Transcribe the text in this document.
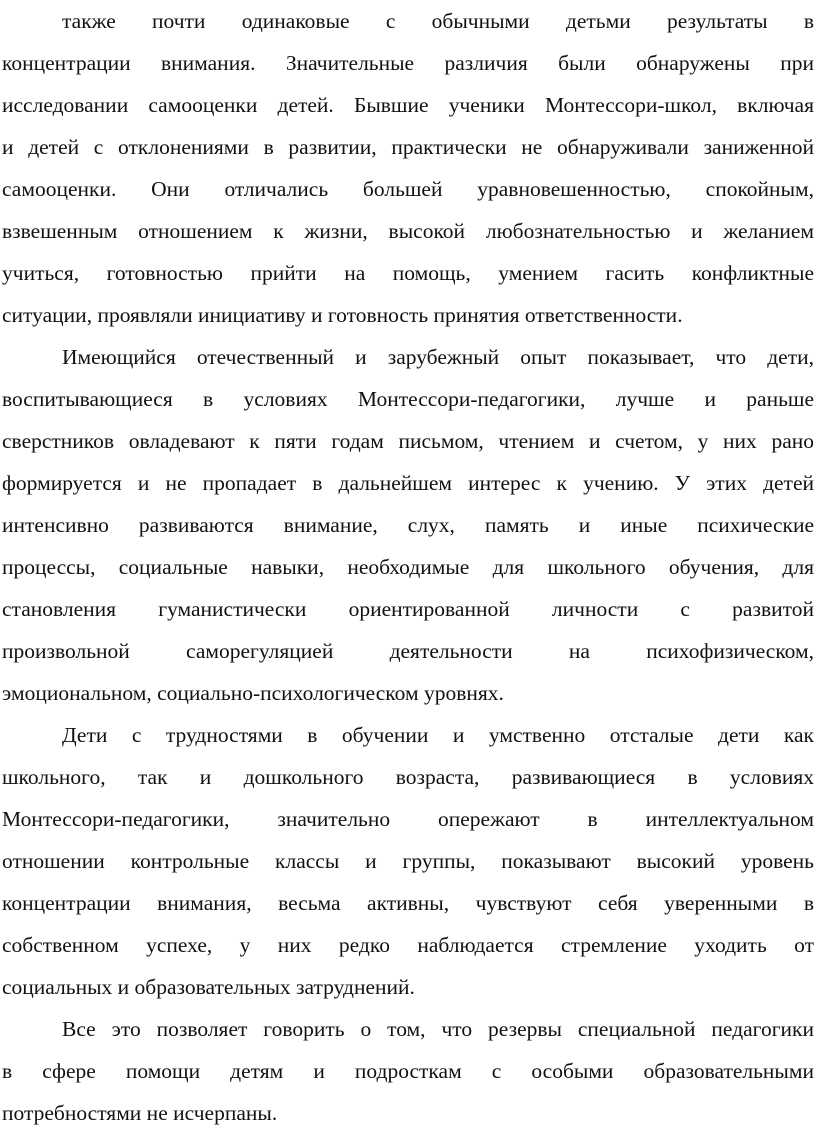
также почти одинаковые с обычными детьми результаты в
концентрации внимания. Значительные различия были обнаружены при
исследовании самооценки детей. Бывшие ученики Монтессори-школ, включая
и детей с отклонениями в развитии, практически не обнаруживали заниженной
самооценки. Они отличались большей уравновешенностью, спокойным,
взвешенным отношением к жизни, высокой любознательностью и желанием
учиться, готовностью прийти на помощь, умением гасить конфликтные
ситуации, проявляли инициативу и готовность принятия ответственности.
Имеющийся отечественный и зарубежный опыт показывает, что дети,
воспитывающиеся в условиях Монтессори-педагогики, лучше и раньше
сверстников овладевают к пяти годам письмом, чтением и счетом, у них рано
формируется и не пропадает в дальнейшем интерес к учению. У этих детей
интенсивно развиваются внимание, слух, память и иные психические
процессы, социальные навыки, необходимые для школьного обучения, для
становления гуманистически ориентированной личности с развитой
произвольной саморегуляцией деятельности на психофизическом,
эмоциональном, социально-психологическом уровнях.
Дети с трудностями в обучении и умственно отсталые дети как
школьного, так и дошкольного возраста, развивающиеся в условиях
Монтессори-педагогики, значительно опережают в интеллектуальном
отношении контрольные классы и группы, показывают высокий уровень
концентрации внимания, весьма активны, чувствуют себя уверенными в
собственном успехе, у них редко наблюдается стремление уходить от
социальных и образовательных затруднений.
Все это позволяет говорить о том, что резервы специальной педагогики
в сфере помощи детям и подросткам с особыми образовательными
потребностями не исчерпаны.
